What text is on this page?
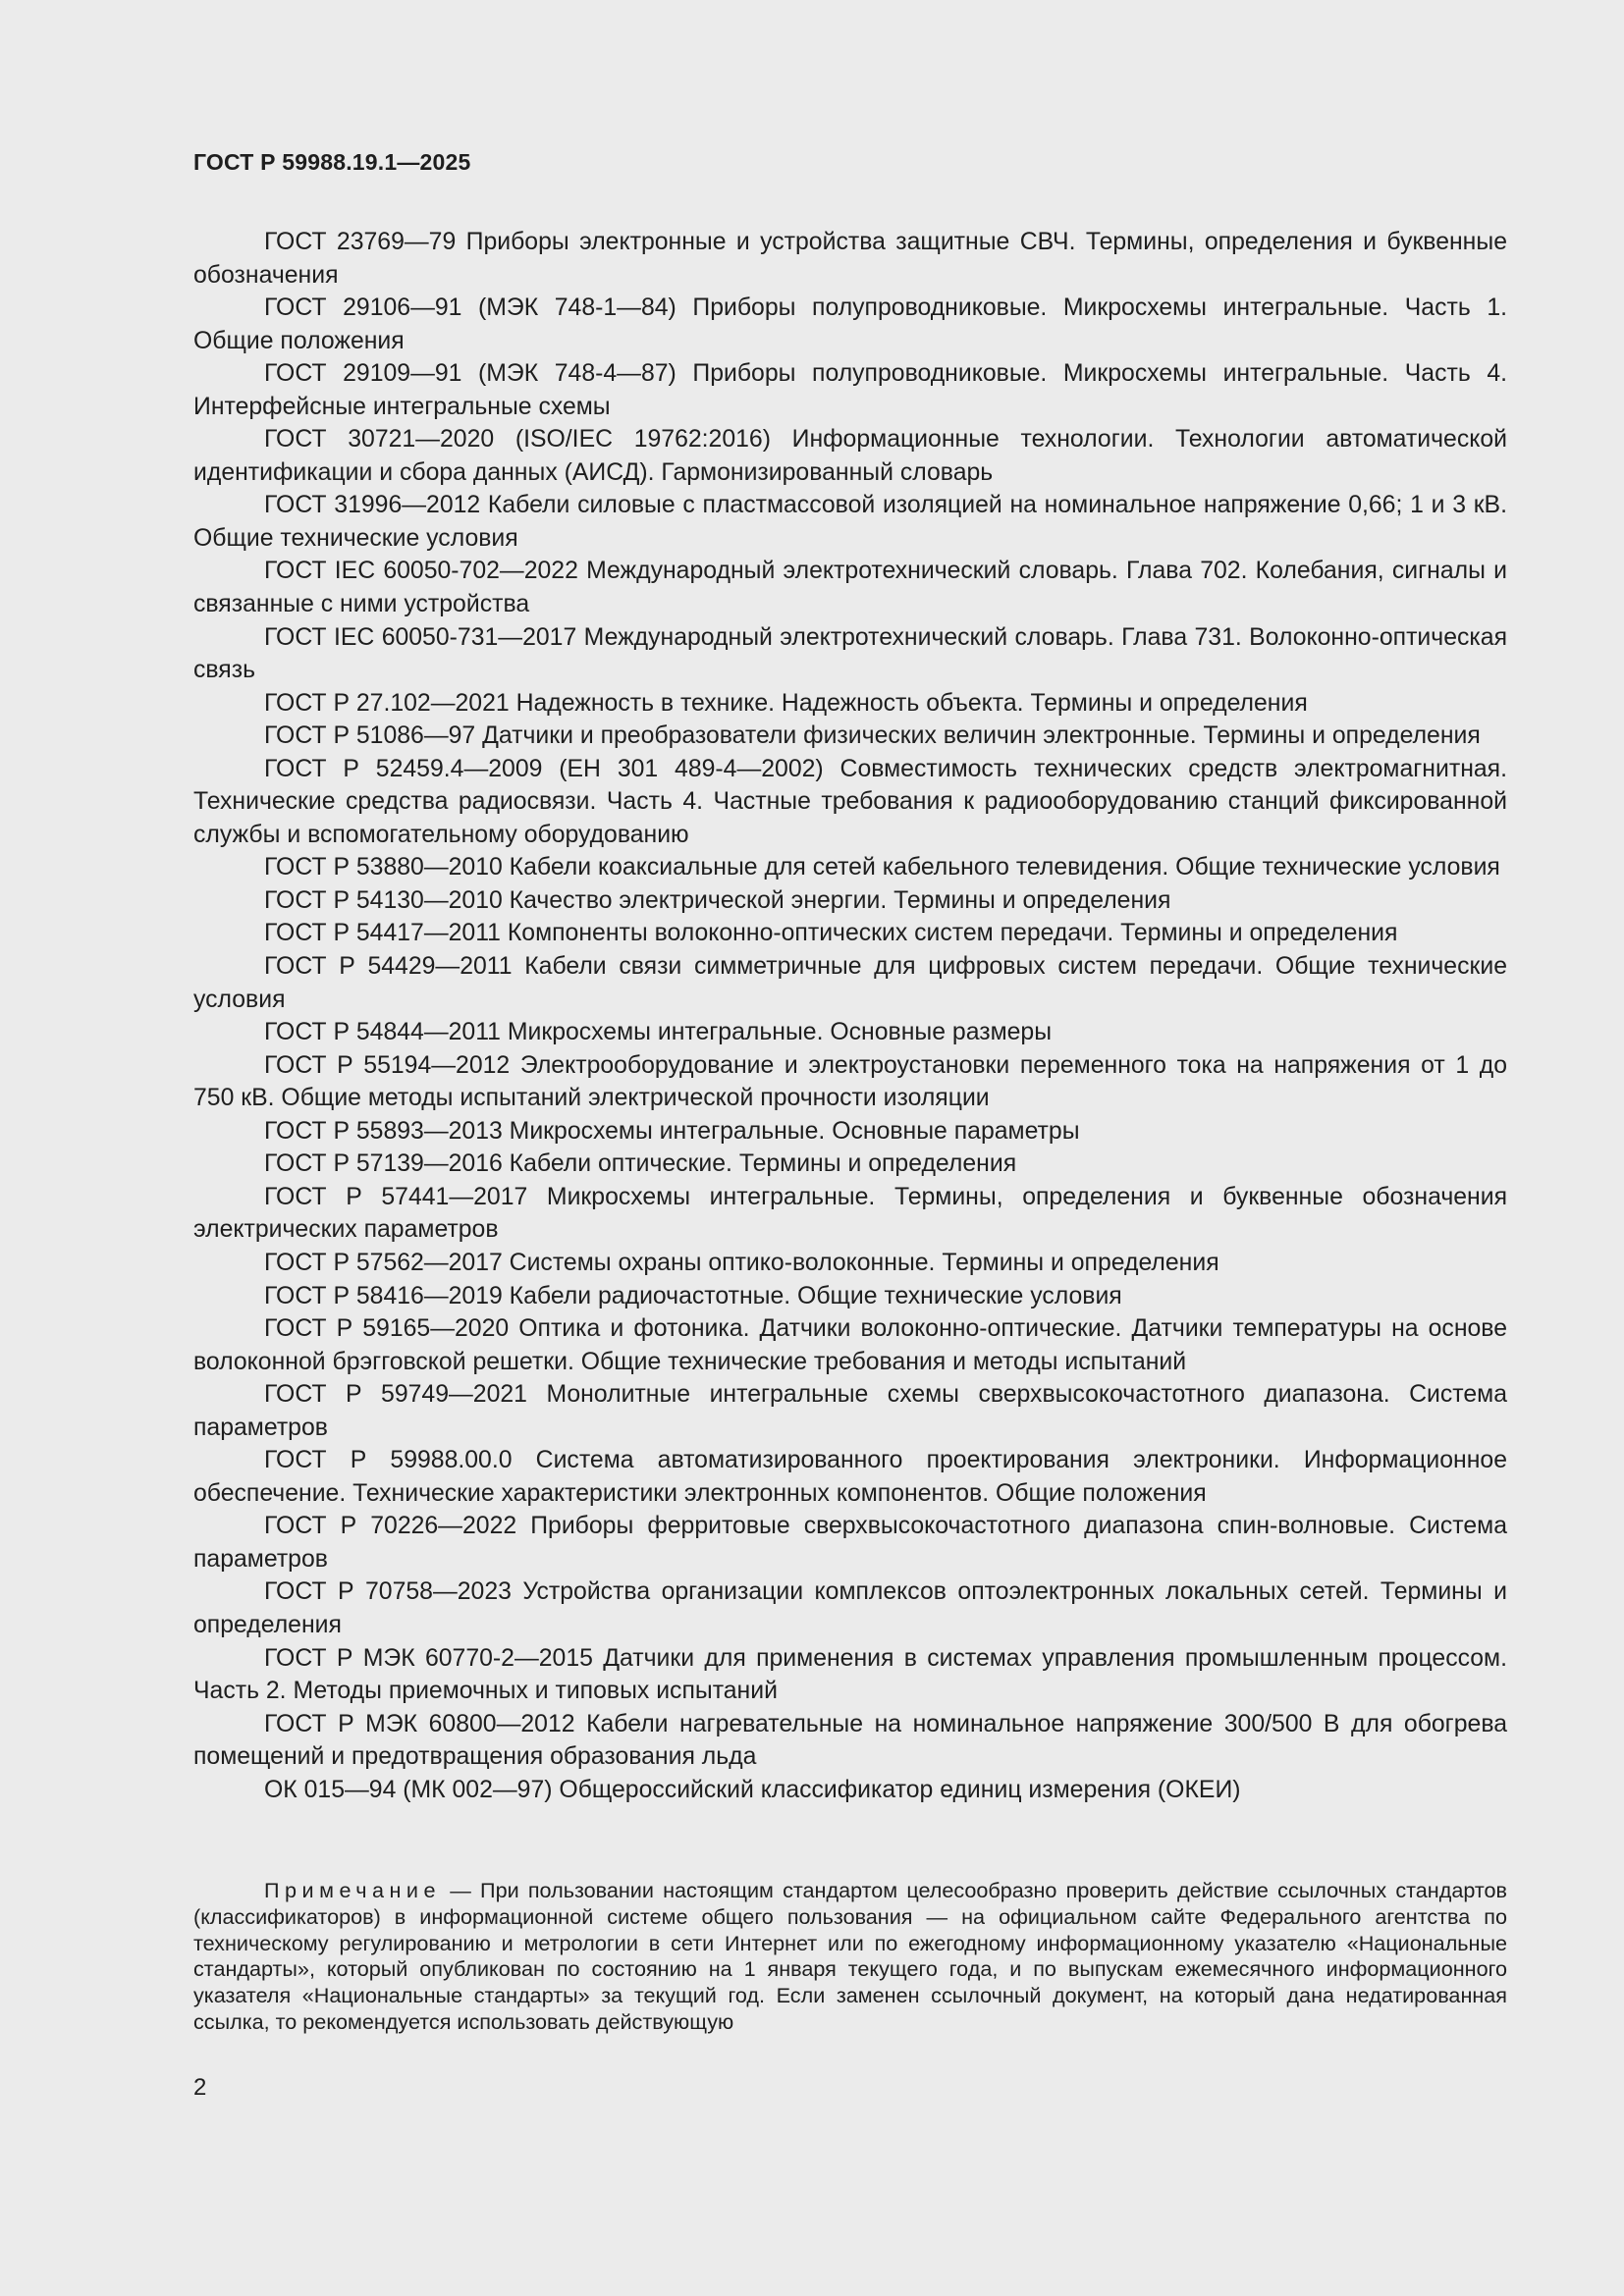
ГОСТ Р 59988.19.1—2025

ГОСТ 23769—79 Приборы электронные и устройства защитные СВЧ. Термины, определения и буквенные обозначения

ГОСТ 29106—91 (МЭК 748-1—84) Приборы полупроводниковые. Микросхемы интегральные. Часть 1. Общие положения

ГОСТ 29109—91 (МЭК 748-4—87) Приборы полупроводниковые. Микросхемы интегральные. Часть 4. Интерфейсные интегральные схемы

ГОСТ 30721—2020 (ISO/IEC 19762:2016) Информационные технологии. Технологии автоматической идентификации и сбора данных (АИСД). Гармонизированный словарь

ГОСТ 31996—2012 Кабели силовые с пластмассовой изоляцией на номинальное напряжение 0,66; 1 и 3 кВ. Общие технические условия

ГОСТ IEC 60050-702—2022 Международный электротехнический словарь. Глава 702. Колебания, сигналы и связанные с ними устройства

ГОСТ IEC 60050-731—2017 Международный электротехнический словарь. Глава 731. Волоконно-оптическая связь

ГОСТ Р 27.102—2021 Надежность в технике. Надежность объекта. Термины и определения

ГОСТ Р 51086—97 Датчики и преобразователи физических величин электронные. Термины и определения

ГОСТ Р 52459.4—2009 (ЕН 301 489-4—2002) Совместимость технических средств электромагнитная. Технические средства радиосвязи. Часть 4. Частные требования к радиооборудованию станций фиксированной службы и вспомогательному оборудованию

ГОСТ Р 53880—2010 Кабели коаксиальные для сетей кабельного телевидения. Общие технические условия

ГОСТ Р 54130—2010 Качество электрической энергии. Термины и определения

ГОСТ Р 54417—2011 Компоненты волоконно-оптических систем передачи. Термины и определения

ГОСТ Р 54429—2011 Кабели связи симметричные для цифровых систем передачи. Общие технические условия

ГОСТ Р 54844—2011 Микросхемы интегральные. Основные размеры

ГОСТ Р 55194—2012 Электрооборудование и электроустановки переменного тока на напряжения от 1 до 750 кВ. Общие методы испытаний электрической прочности изоляции

ГОСТ Р 55893—2013 Микросхемы интегральные. Основные параметры

ГОСТ Р 57139—2016 Кабели оптические. Термины и определения

ГОСТ Р 57441—2017 Микросхемы интегральные. Термины, определения и буквенные обозначения электрических параметров

ГОСТ Р 57562—2017 Системы охраны оптико-волоконные. Термины и определения

ГОСТ Р 58416—2019 Кабели радиочастотные. Общие технические условия

ГОСТ Р 59165—2020 Оптика и фотоника. Датчики волоконно-оптические. Датчики температуры на основе волоконной брэгговской решетки. Общие технические требования и методы испытаний

ГОСТ Р 59749—2021 Монолитные интегральные схемы сверхвысокочастотного диапазона. Система параметров

ГОСТ Р 59988.00.0 Система автоматизированного проектирования электроники. Информационное обеспечение. Технические характеристики электронных компонентов. Общие положения

ГОСТ Р 70226—2022 Приборы ферритовые сверхвысокочастотного диапазона спин-волновые. Система параметров

ГОСТ Р 70758—2023 Устройства организации комплексов оптоэлектронных локальных сетей. Термины и определения

ГОСТ Р МЭК 60770-2—2015 Датчики для применения в системах управления промышленным процессом. Часть 2. Методы приемочных и типовых испытаний

ГОСТ Р МЭК 60800—2012 Кабели нагревательные на номинальное напряжение 300/500 В для обогрева помещений и предотвращения образования льда

ОК 015—94 (МК 002—97) Общероссийский классификатор единиц измерения (ОКЕИ)

Примечание — При пользовании настоящим стандартом целесообразно проверить действие ссылочных стандартов (классификаторов) в информационной системе общего пользования — на официальном сайте Федерального агентства по техническому регулированию и метрологии в сети Интернет или по ежегодному информационному указателю «Национальные стандарты», который опубликован по состоянию на 1 января текущего года, и по выпускам ежемесячного информационного указателя «Национальные стандарты» за текущий год. Если заменен ссылочный документ, на который дана недатированная ссылка, то рекомендуется использовать действующую

2
